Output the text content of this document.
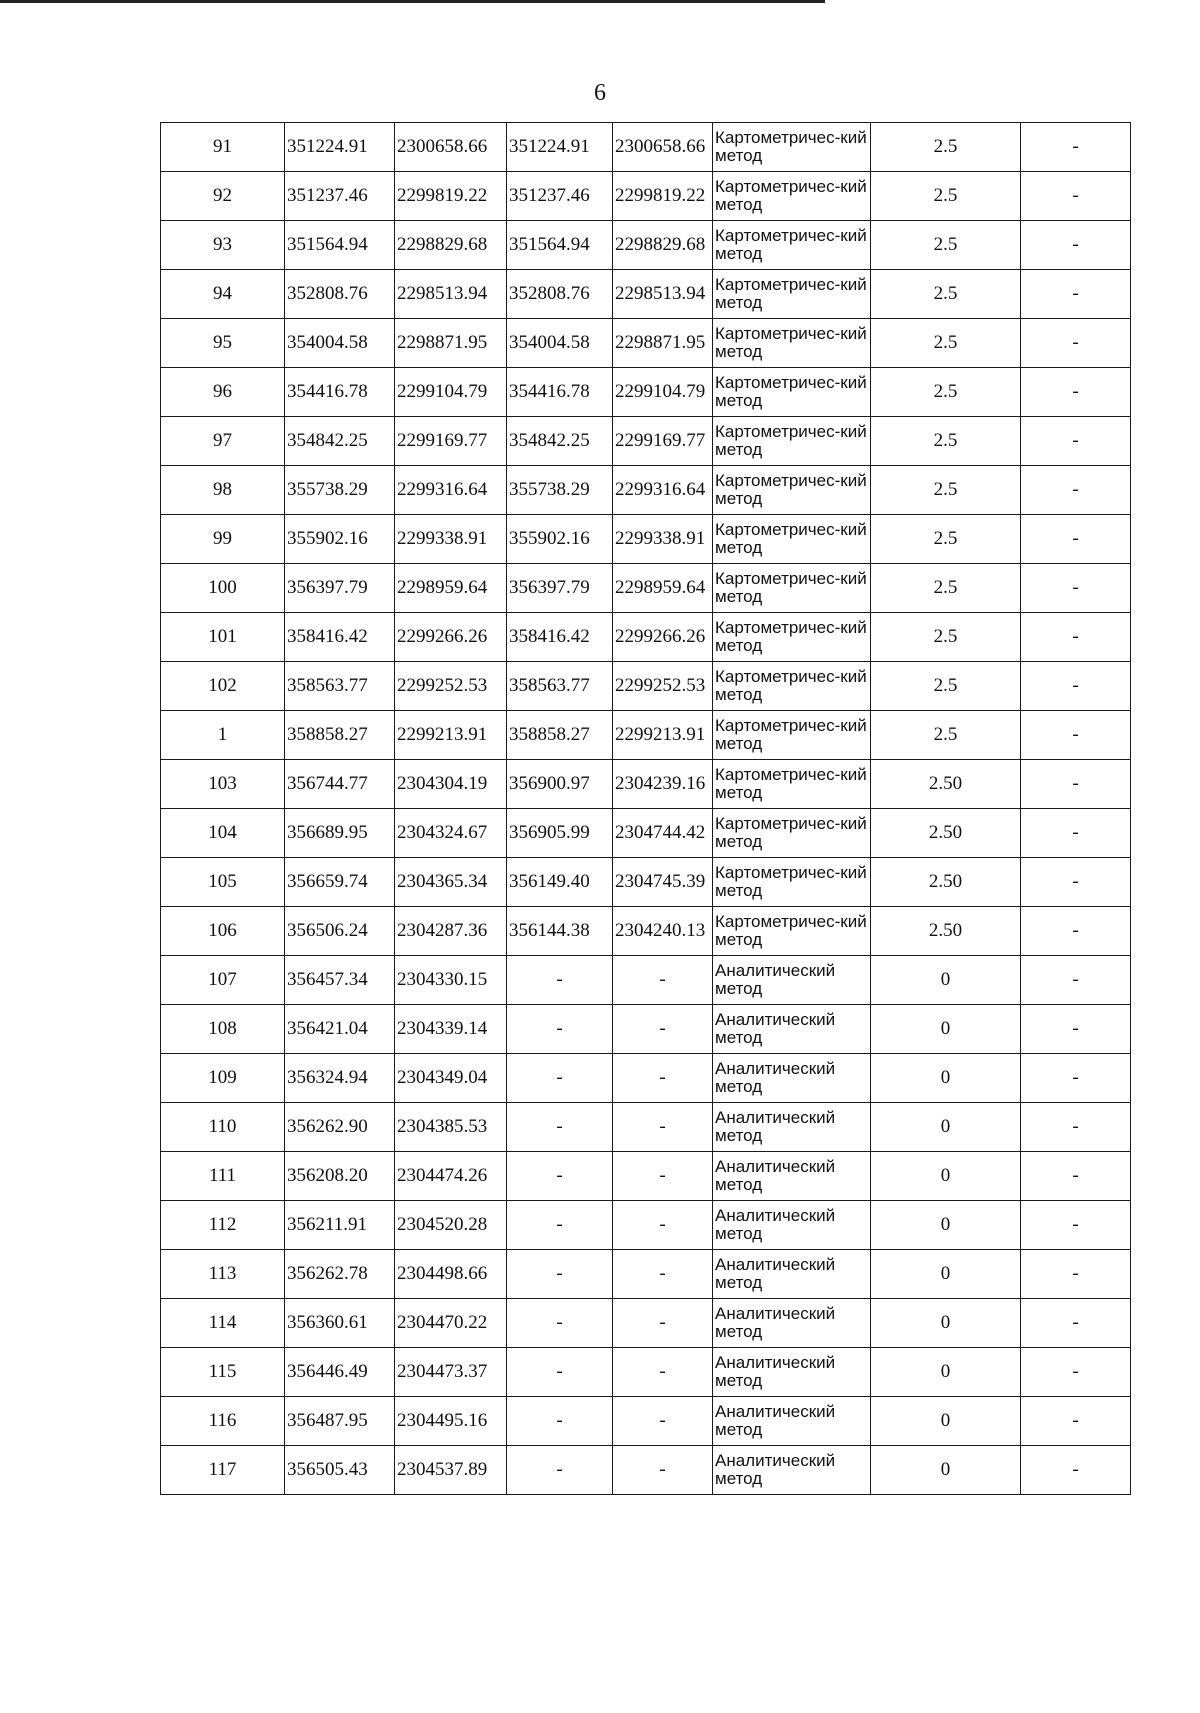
6
91	351224.91	2300658.66	351224.91	2300658.66	Картометричес-кий метод	2.5	-
92	351237.46	2299819.22	351237.46	2299819.22	Картометричес-кий метод	2.5	-
93	351564.94	2298829.68	351564.94	2298829.68	Картометричес-кий метод	2.5	-
94	352808.76	2298513.94	352808.76	2298513.94	Картометричес-кий метод	2.5	-
95	354004.58	2298871.95	354004.58	2298871.95	Картометричес-кий метод	2.5	-
96	354416.78	2299104.79	354416.78	2299104.79	Картометричес-кий метод	2.5	-
97	354842.25	2299169.77	354842.25	2299169.77	Картометричес-кий метод	2.5	-
98	355738.29	2299316.64	355738.29	2299316.64	Картометричес-кий метод	2.5	-
99	355902.16	2299338.91	355902.16	2299338.91	Картометричес-кий метод	2.5	-
100	356397.79	2298959.64	356397.79	2298959.64	Картометричес-кий метод	2.5	-
101	358416.42	2299266.26	358416.42	2299266.26	Картометричес-кий метод	2.5	-
102	358563.77	2299252.53	358563.77	2299252.53	Картометричес-кий метод	2.5	-
1	358858.27	2299213.91	358858.27	2299213.91	Картометричес-кий метод	2.5	-
103	356744.77	2304304.19	356900.97	2304239.16	Картометричес-кий метод	2.50	-
104	356689.95	2304324.67	356905.99	2304744.42	Картометричес-кий метод	2.50	-
105	356659.74	2304365.34	356149.40	2304745.39	Картометричес-кий метод	2.50	-
106	356506.24	2304287.36	356144.38	2304240.13	Картометричес-кий метод	2.50	-
107	356457.34	2304330.15	-	-	Аналитический метод	0	-
108	356421.04	2304339.14	-	-	Аналитический метод	0	-
109	356324.94	2304349.04	-	-	Аналитический метод	0	-
110	356262.90	2304385.53	-	-	Аналитический метод	0	-
111	356208.20	2304474.26	-	-	Аналитический метод	0	-
112	356211.91	2304520.28	-	-	Аналитический метод	0	-
113	356262.78	2304498.66	-	-	Аналитический метод	0	-
114	356360.61	2304470.22	-	-	Аналитический метод	0	-
115	356446.49	2304473.37	-	-	Аналитический метод	0	-
116	356487.95	2304495.16	-	-	Аналитический метод	0	-
117	356505.43	2304537.89	-	-	Аналитический метод	0	-
